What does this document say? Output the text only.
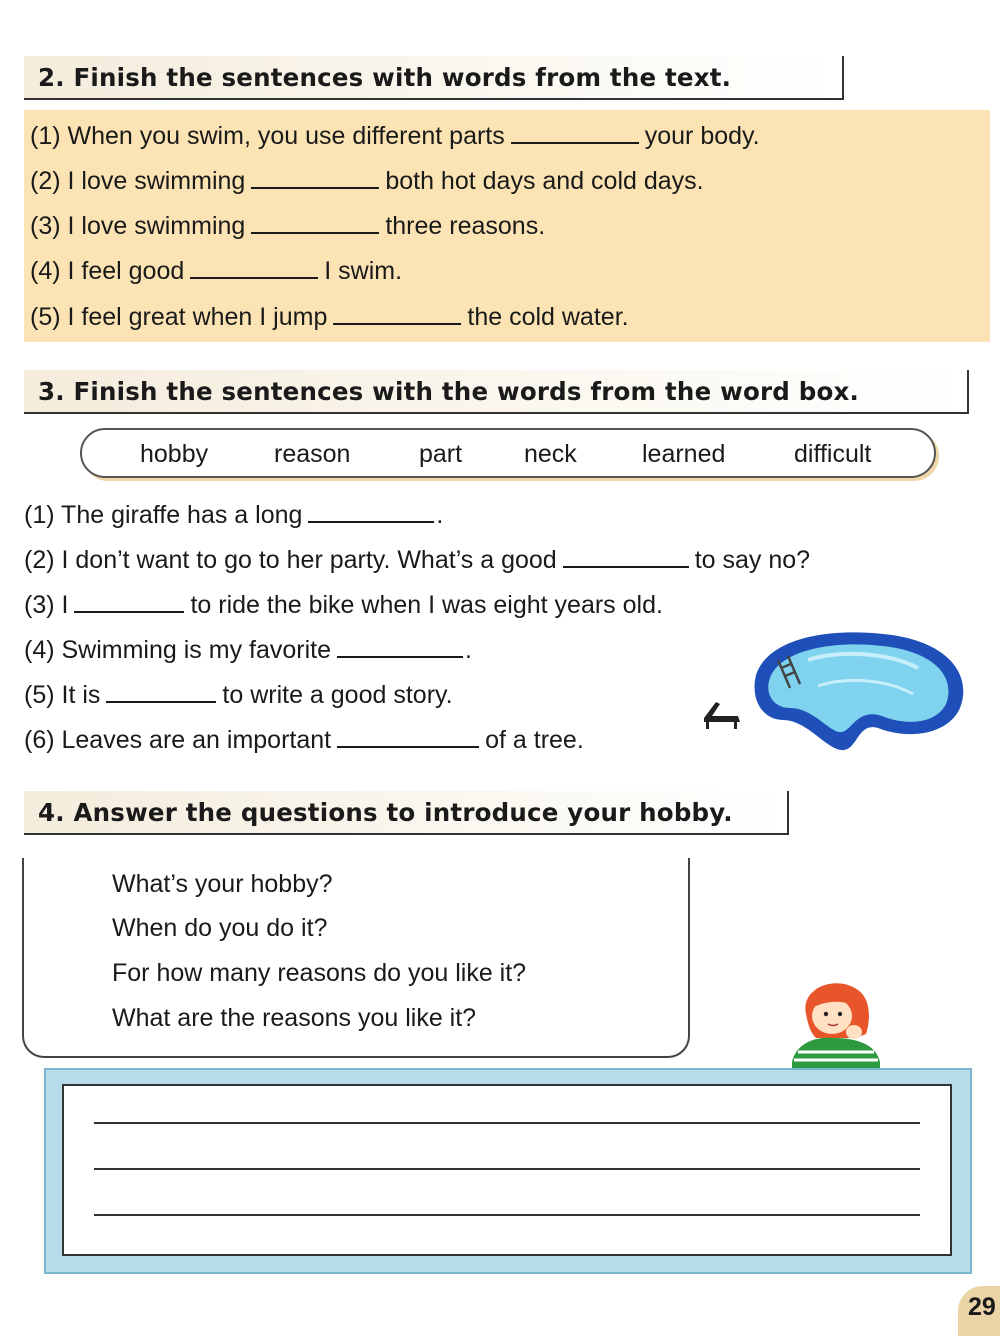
2. Finish the sentences with words from the text.
(1) When you swim, you use different parts	your body.
(2) I love swimming	both hot days and cold days.
(3) I love swimming	three reasons.
(4) I feel good	I swim.
(5) I feel great when I jump	the cold water.
3. Finish the sentences with the words from the word box.
hobby	reason	part neck	learned	difficult
(1) The giraffe has a long	.
(2) I don’t want to go to her party. What’s a good	to say no?
(3) I	to ride the bike when I was eight years old.
(4) Swimming is my favorite	.
(5) It is	to write a good story.
(6) Leaves are an important	of a tree.
4. Answer the questions to introduce your hobby.
What’s your hobby?
When do you do it?
For how many reasons do you like it?
What are the reasons you like it?
29
